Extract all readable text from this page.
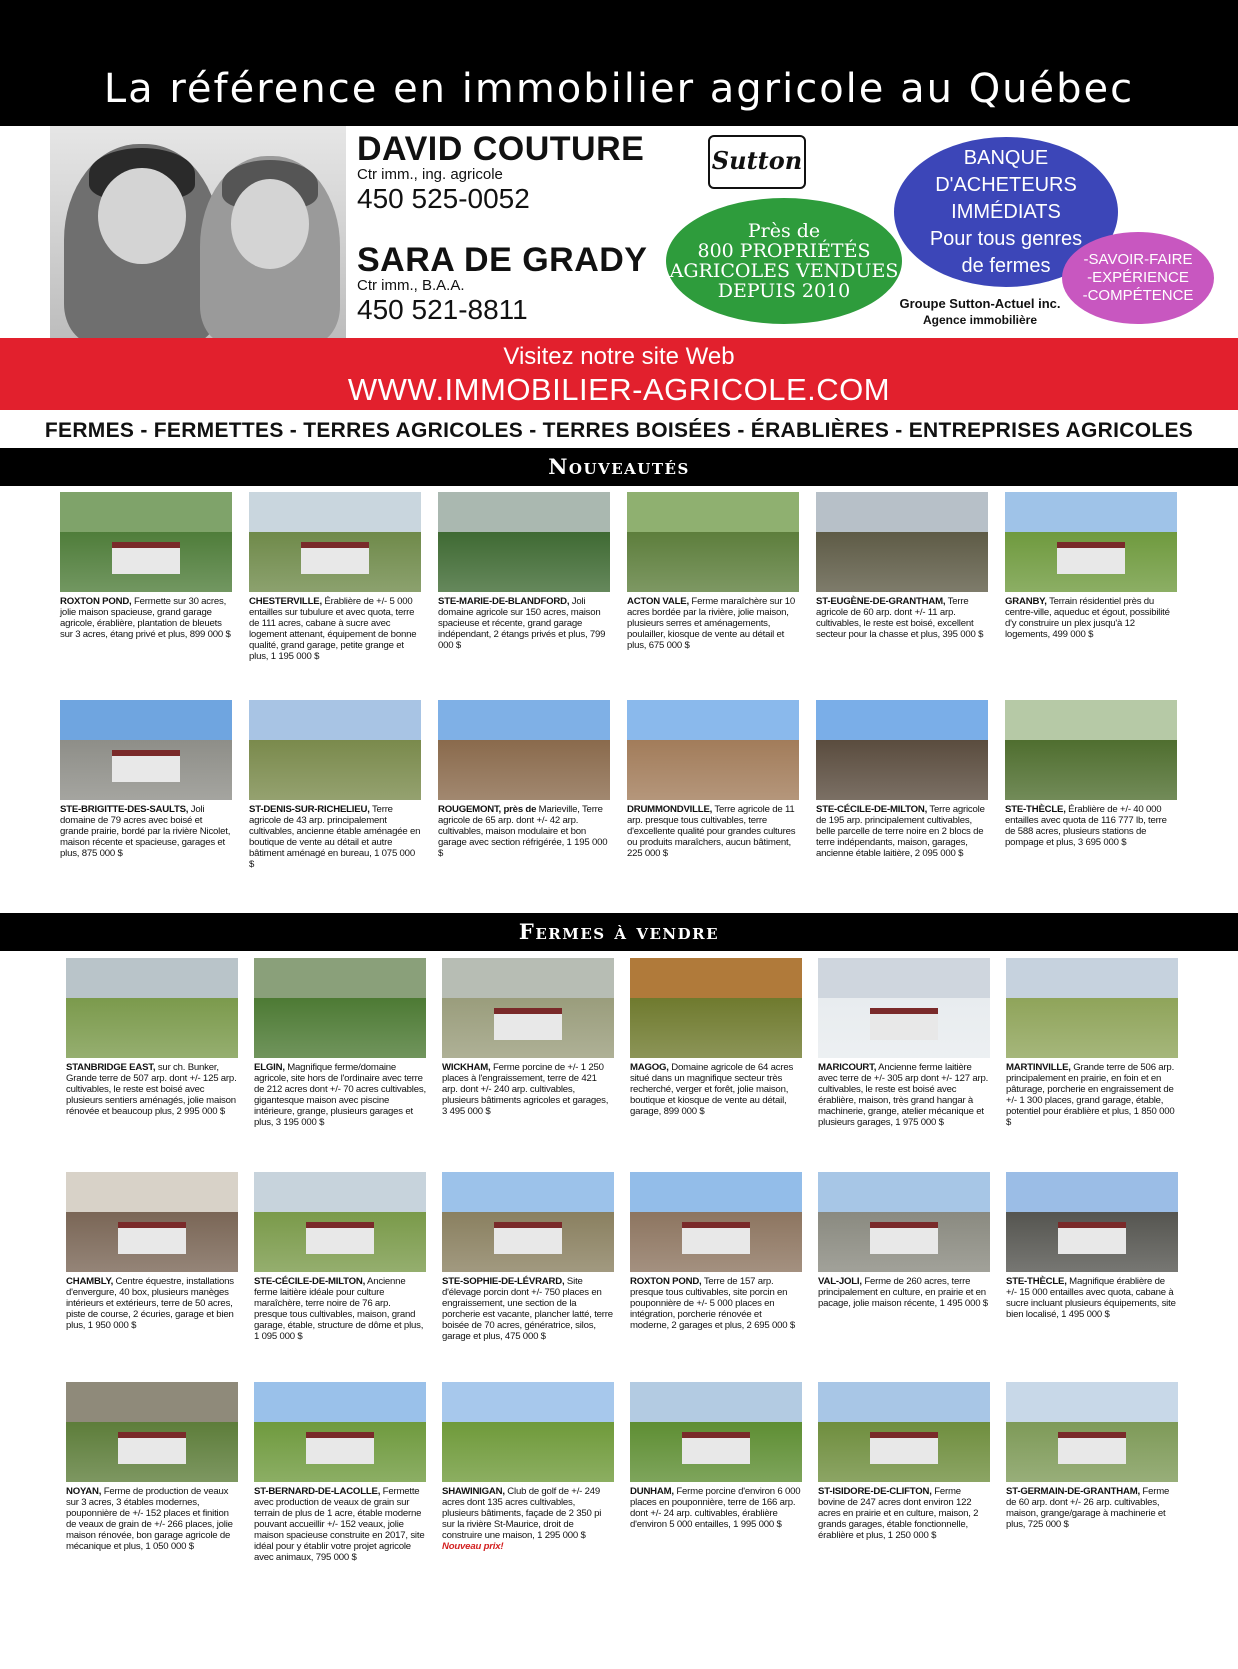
La référence en immobilier agricole au Québec
DAVID COUTURE
Ctr imm., ing. agricole
450 525-0052
SARA DE GRADY
Ctr imm., B.A.A.
450 521-8811
Sutton	BANQUE
D'ACHETEURS IMMÉDIATS
Pour tous genres
de fermes
Près de
800 PROPRIÉTÉS
AGRICOLES VENDUES
DEPUIS 2010
-SAVOIR-FAIRE
-EXPÉRIENCE
-COMPÉTENCE
Groupe Sutton-Actuel inc.
Agence immobilière
Visitez notre site Web
WWW.IMMOBILIER-AGRICOLE.COM
FERMES - FERMETTES - TERRES AGRICOLES - TERRES BOISÉES - ÉRABLIÈRES - ENTREPRISES AGRICOLES
Nouveautés
ROXTON POND, Fermette sur 30 acres, jolie maison spacieuse, grand garage agricole, érablière, plantation de bleuets sur 3 acres, étang privé et plus, 899 000 $
CHESTERVILLE, Érablière de +/- 5 000 entailles sur tubulure et avec quota, terre de 111 acres, cabane à sucre avec logement attenant, équipement de bonne qualité, grand garage, petite grange et plus, 1 195 000 $
STE-MARIE-DE-BLANDFORD, Joli domaine agricole sur 150 acres, maison spacieuse et récente, grand garage indépendant, 2 étangs privés et plus, 799 000 $
ACTON VALE, Ferme maraîchère sur 10 acres bordée par la rivière, jolie maison, plusieurs serres et aménagements, poulailler, kiosque de vente au détail et plus, 675 000 $
ST-EUGÈNE-DE-GRANTHAM, Terre agricole de 60 arp. dont +/- 11 arp. cultivables, le reste est boisé, excellent secteur pour la chasse et plus, 395 000 $
GRANBY, Terrain résidentiel près du centre-ville, aqueduc et égout, possibilité d'y construire un plex jusqu'à 12 logements, 499 000 $
STE-BRIGITTE-DES-SAULTS, Joli domaine de 79 acres avec boisé et grande prairie, bordé par la rivière Nicolet, maison récente et spacieuse, garages et plus, 875 000 $
ST-DENIS-SUR-RICHELIEU, Terre agricole de 43 arp. principalement cultivables, ancienne étable aménagée en boutique de vente au détail et autre bâtiment aménagé en bureau, 1 075 000 $
ROUGEMONT, près de Marieville, Terre agricole de 65 arp. dont +/- 42 arp. cultivables, maison modulaire et bon garage avec section réfrigérée, 1 195 000 $
DRUMMONDVILLE, Terre agricole de 11 arp. presque tous cultivables, terre d'excellente qualité pour grandes cultures ou produits maraîchers, aucun bâtiment, 225 000 $
STE-CÉCILE-DE-MILTON, Terre agricole de 195 arp. principalement cultivables, belle parcelle de terre noire en 2 blocs de terre indépendants, maison, garages, ancienne étable laitière, 2 095 000 $
STE-THÈCLE, Érablière de +/- 40 000 entailles avec quota de 116 777 lb, terre de 588 acres, plusieurs stations de pompage et plus, 3 695 000 $
Fermes à vendre
STANBRIDGE EAST, sur ch. Bunker, Grande terre de 507 arp. dont +/- 125 arp. cultivables, le reste est boisé avec plusieurs sentiers aménagés, jolie maison rénovée et beaucoup plus, 2 995 000 $
ELGIN, Magnifique ferme/domaine agricole, site hors de l'ordinaire avec terre de 212 acres dont +/- 70 acres cultivables, gigantesque maison avec piscine intérieure, grange, plusieurs garages et plus, 3 195 000 $
WICKHAM, Ferme porcine de +/- 1 250 places à l'engraissement, terre de 421 arp. dont +/- 240 arp. cultivables, plusieurs bâtiments agricoles et garages, 3 495 000 $
MAGOG, Domaine agricole de 64 acres situé dans un magnifique secteur très recherché, verger et forêt, jolie maison, boutique et kiosque de vente au détail, garage, 899 000 $
MARICOURT, Ancienne ferme laitière avec terre de +/- 305 arp dont +/- 127 arp. cultivables, le reste est boisé avec érablière, maison, très grand hangar à machinerie, grange, atelier mécanique et plusieurs garages, 1 975 000 $
MARTINVILLE, Grande terre de 506 arp. principalement en prairie, en foin et en pâturage, porcherie en engraissement de +/- 1 300 places, grand garage, étable, potentiel pour érablière et plus, 1 850 000 $
CHAMBLY, Centre équestre, installations d'envergure, 40 box, plusieurs manèges intérieurs et extérieurs, terre de 50 acres, piste de course, 2 écuries, garage et bien plus, 1 950 000 $
STE-CÉCILE-DE-MILTON, Ancienne ferme laitière idéale pour culture maraîchère, terre noire de 76 arp. presque tous cultivables, maison, grand garage, étable, structure de dôme et plus, 1 095 000 $
STE-SOPHIE-DE-LÉVRARD, Site d'élevage porcin dont +/- 750 places en engraissement, une section de la porcherie est vacante, plancher latté, terre boisée de 70 acres, génératrice, silos, garage et plus, 475 000 $
ROXTON POND, Terre de 157 arp. presque tous cultivables, site porcin en pouponnière de +/- 5 000 places en intégration, porcherie rénovée et moderne, 2 garages et plus, 2 695 000 $
VAL-JOLI, Ferme de 260 acres, terre principalement en culture, en prairie et en pacage, jolie maison récente, 1 495 000 $
STE-THÈCLE, Magnifique érablière de +/- 15 000 entailles avec quota, cabane à sucre incluant plusieurs équipements, site bien localisé, 1 495 000 $
NOYAN, Ferme de production de veaux sur 3 acres, 3 étables modernes, pouponnière de +/- 152 places et finition de veaux de grain de +/- 266 places, jolie maison rénovée, bon garage agricole de mécanique et plus, 1 050 000 $
ST-BERNARD-DE-LACOLLE, Fermette avec production de veaux de grain sur terrain de plus de 1 acre, étable moderne pouvant accueillir +/- 152 veaux, jolie maison spacieuse construite en 2017, site idéal pour y établir votre projet agricole avec animaux, 795 000 $
SHAWINIGAN, Club de golf de +/- 249 acres dont 135 acres cultivables, plusieurs bâtiments, façade de 2 350 pi sur la rivière St-Maurice, droit de construire une maison, 1 295 000 $
Nouveau prix!
DUNHAM, Ferme porcine d'environ 6 000 places en pouponnière, terre de 166 arp. dont +/- 24 arp. cultivables, érablière d'environ 5 000 entailles, 1 995 000 $
ST-ISIDORE-DE-CLIFTON, Ferme bovine de 247 acres dont environ 122 acres en prairie et en culture, maison, 2 grands garages, étable fonctionnelle, érablière et plus, 1 250 000 $
ST-GERMAIN-DE-GRANTHAM, Ferme de 60 arp. dont +/- 26 arp. cultivables, maison, grange/garage à machinerie et plus, 725 000 $
